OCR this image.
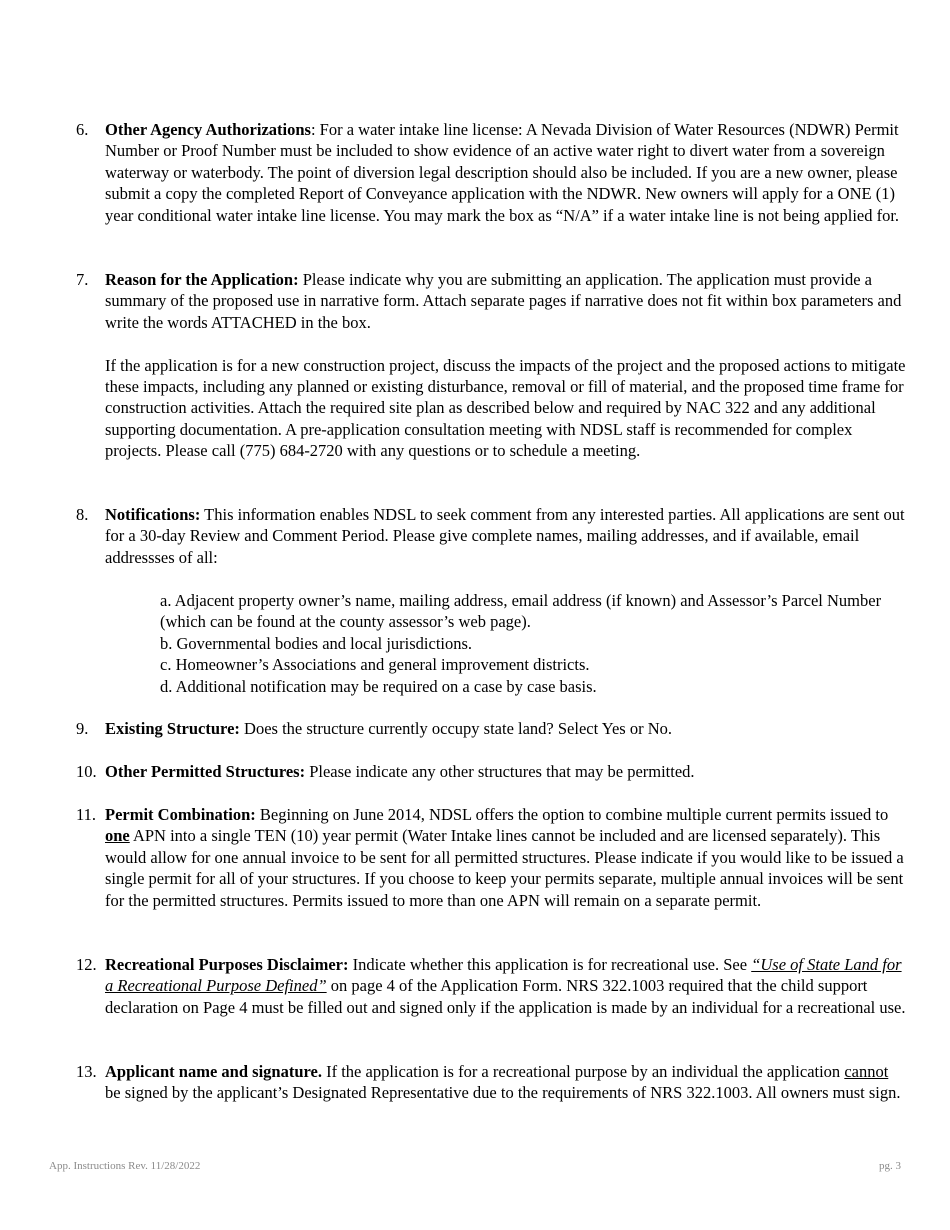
6. Other Agency Authorizations: For a water intake line license: A Nevada Division of Water Resources (NDWR) Permit Number or Proof Number must be included to show evidence of an active water right to divert water from a sovereign waterway or waterbody. The point of diversion legal description should also be included. If you are a new owner, please submit a copy the completed Report of Conveyance application with the NDWR. New owners will apply for a ONE (1) year conditional water intake line license. You may mark the box as “N/A” if a water intake line is not being applied for.
7. Reason for the Application: Please indicate why you are submitting an application. The application must provide a summary of the proposed use in narrative form. Attach separate pages if narrative does not fit within box parameters and write the words ATTACHED in the box.
If the application is for a new construction project, discuss the impacts of the project and the proposed actions to mitigate these impacts, including any planned or existing disturbance, removal or fill of material, and the proposed time frame for construction activities. Attach the required site plan as described below and required by NAC 322 and any additional supporting documentation. A pre-application consultation meeting with NDSL staff is recommended for complex projects. Please call (775) 684-2720 with any questions or to schedule a meeting.
8. Notifications: This information enables NDSL to seek comment from any interested parties. All applications are sent out for a 30-day Review and Comment Period. Please give complete names, mailing addresses, and if available, email addressses of all:
a. Adjacent property owner’s name, mailing address, email address (if known) and Assessor’s Parcel Number (which can be found at the county assessor’s web page).
b. Governmental bodies and local jurisdictions.
c. Homeowner’s Associations and general improvement districts.
d. Additional notification may be required on a case by case basis.
9. Existing Structure: Does the structure currently occupy state land? Select Yes or No.
10. Other Permitted Structures: Please indicate any other structures that may be permitted.
11. Permit Combination: Beginning on June 2014, NDSL offers the option to combine multiple current permits issued to one APN into a single TEN (10) year permit (Water Intake lines cannot be included and are licensed separately). This would allow for one annual invoice to be sent for all permitted structures. Please indicate if you would like to be issued a single permit for all of your structures. If you choose to keep your permits separate, multiple annual invoices will be sent for the permitted structures. Permits issued to more than one APN will remain on a separate permit.
12. Recreational Purposes Disclaimer: Indicate whether this application is for recreational use. See “Use of State Land for a Recreational Purpose Defined” on page 4 of the Application Form. NRS 322.1003 required that the child support declaration on Page 4 must be filled out and signed only if the application is made by an individual for a recreational use.
13. Applicant name and signature. If the application is for a recreational purpose by an individual the application cannot be signed by the applicant’s Designated Representative due to the requirements of NRS 322.1003. All owners must sign.
App. Instructions Rev. 11/28/2022	pg. 3
